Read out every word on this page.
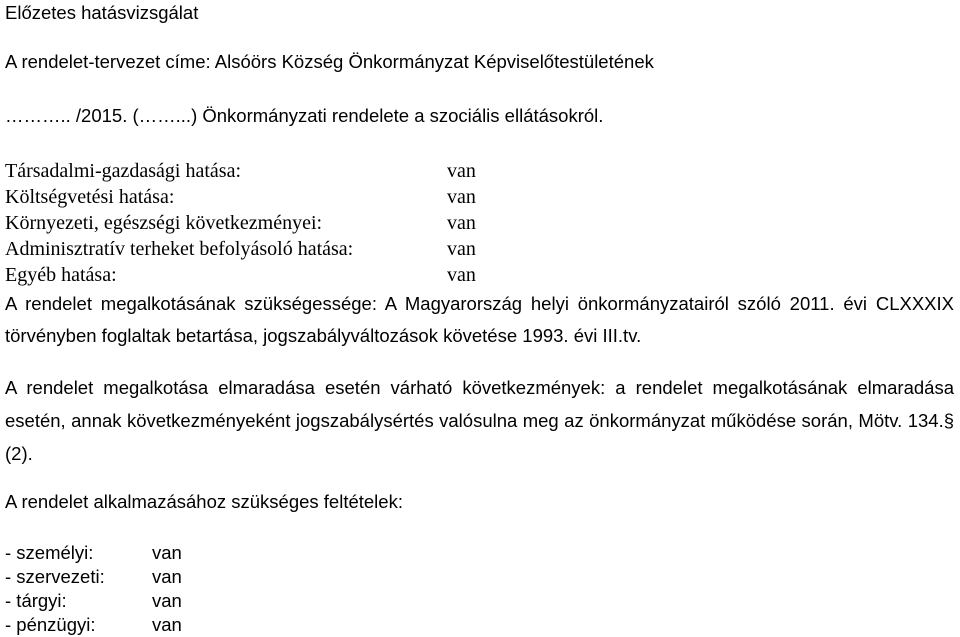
Előzetes hatásvizsgálat
A rendelet-tervezet címe: Alsóörs Község Önkormányzat Képviselőtestületének
……….. /2015. (……...) Önkormányzati rendelete a szociális ellátásokról.
Társadalmi-gazdasági hatása:	van
Költségvetési hatása:	van
Környezeti, egészségi következményei:	van
Adminisztratív terheket befolyásoló hatása:	van
Egyéb hatása:	van
A rendelet megalkotásának szükségessége: A Magyarország helyi önkormányzatairól szóló 2011. évi CLXXXIX törvényben foglaltak betartása, jogszabályváltozások követése 1993. évi III.tv.
A rendelet megalkotása elmaradása esetén várható következmények: a rendelet megalkotásának elmaradása esetén, annak következményeként jogszabálysértés valósulna meg az önkormányzat működése során, Mötv. 134.§ (2).
A rendelet alkalmazásához szükséges feltételek:
- személyi:	van
- szervezeti:	van
- tárgyi:	van
- pénzügyi:	van
